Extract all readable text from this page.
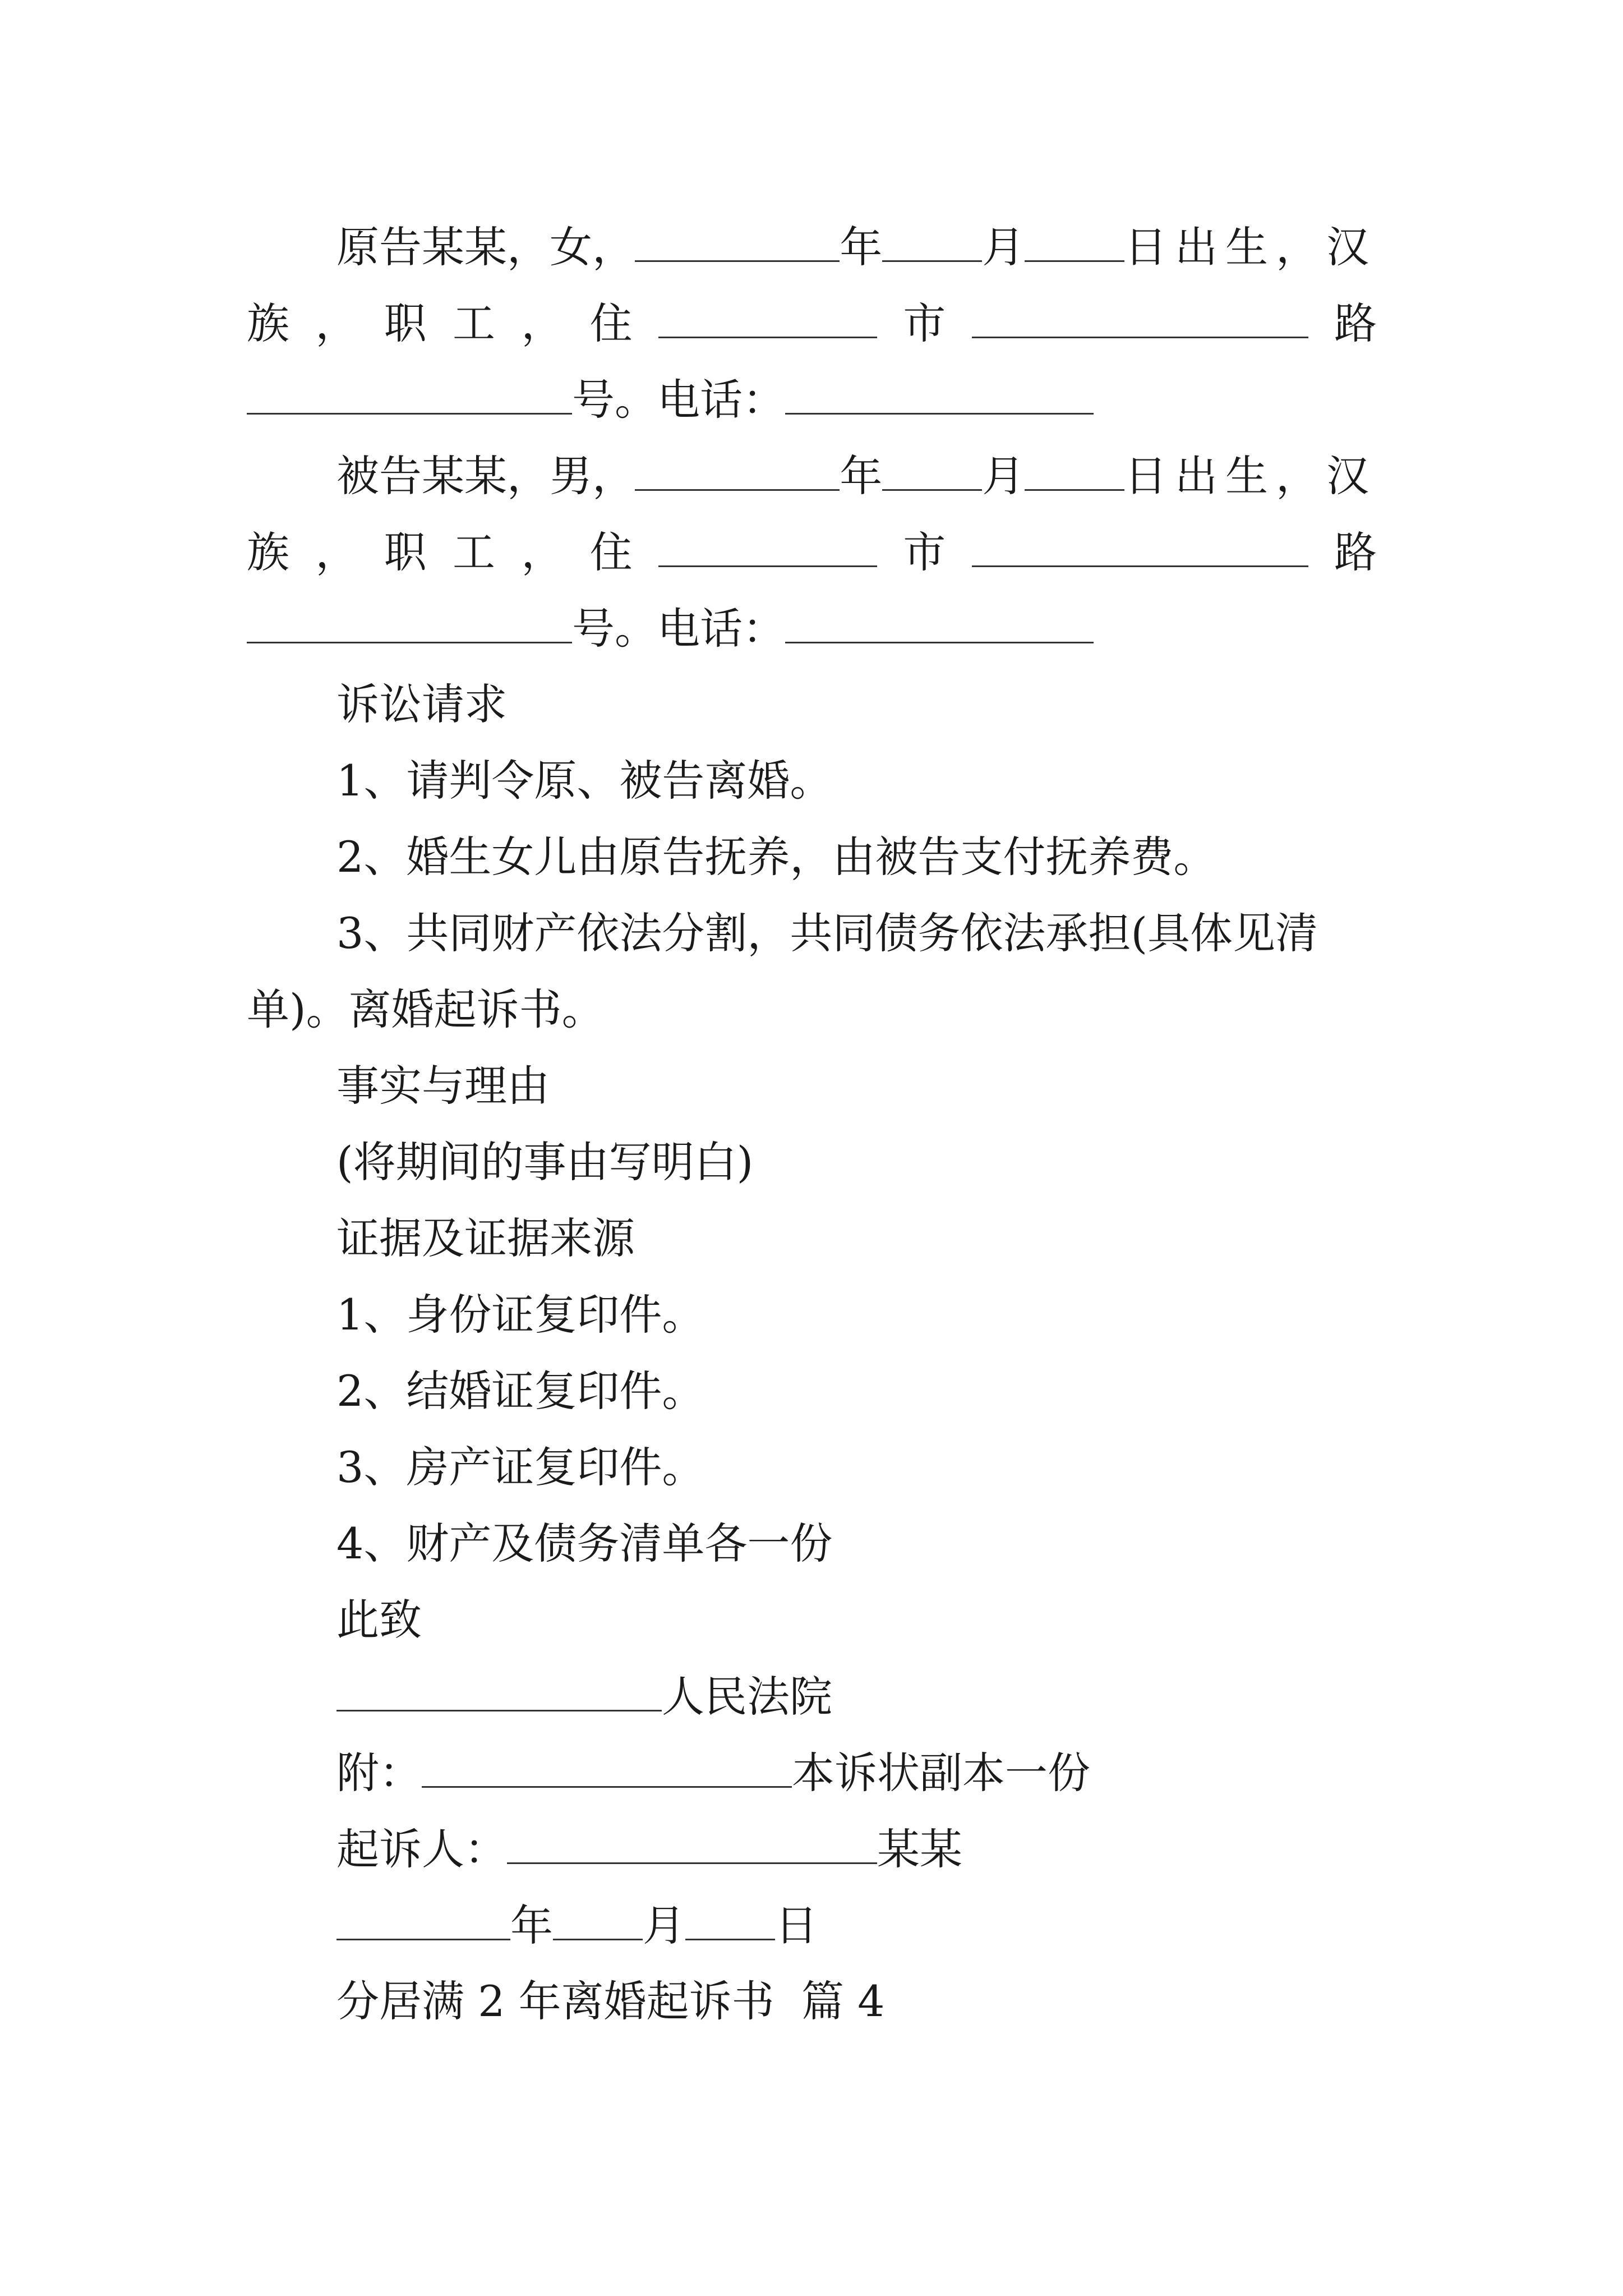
原告某某，女，	年 月 日出生，汉
族 ， 职 工 ， 住	市	路
号。电话：
被告某某，男，	年 月 日出生，汉
族 ， 职 工 ， 住	市	路
号。电话：
诉讼请求
1、请判令原、被告离婚。
2、婚生女儿由原告抚养，由被告支付抚养费。
3、共同财产依法分割，共同债务依法承担(具体见清
单)。离婚起诉书。
事实与理由
(将期间的事由写明白)
证据及证据来源
1、身份证复印件。
2、结婚证复印件。
3、房产证复印件。
4、财产及债务清单各一份
此致
人民法院
附：	本诉状副本一份
起诉人：	某某
年 月 日
分居满 2 年离婚起诉书  篇 4
